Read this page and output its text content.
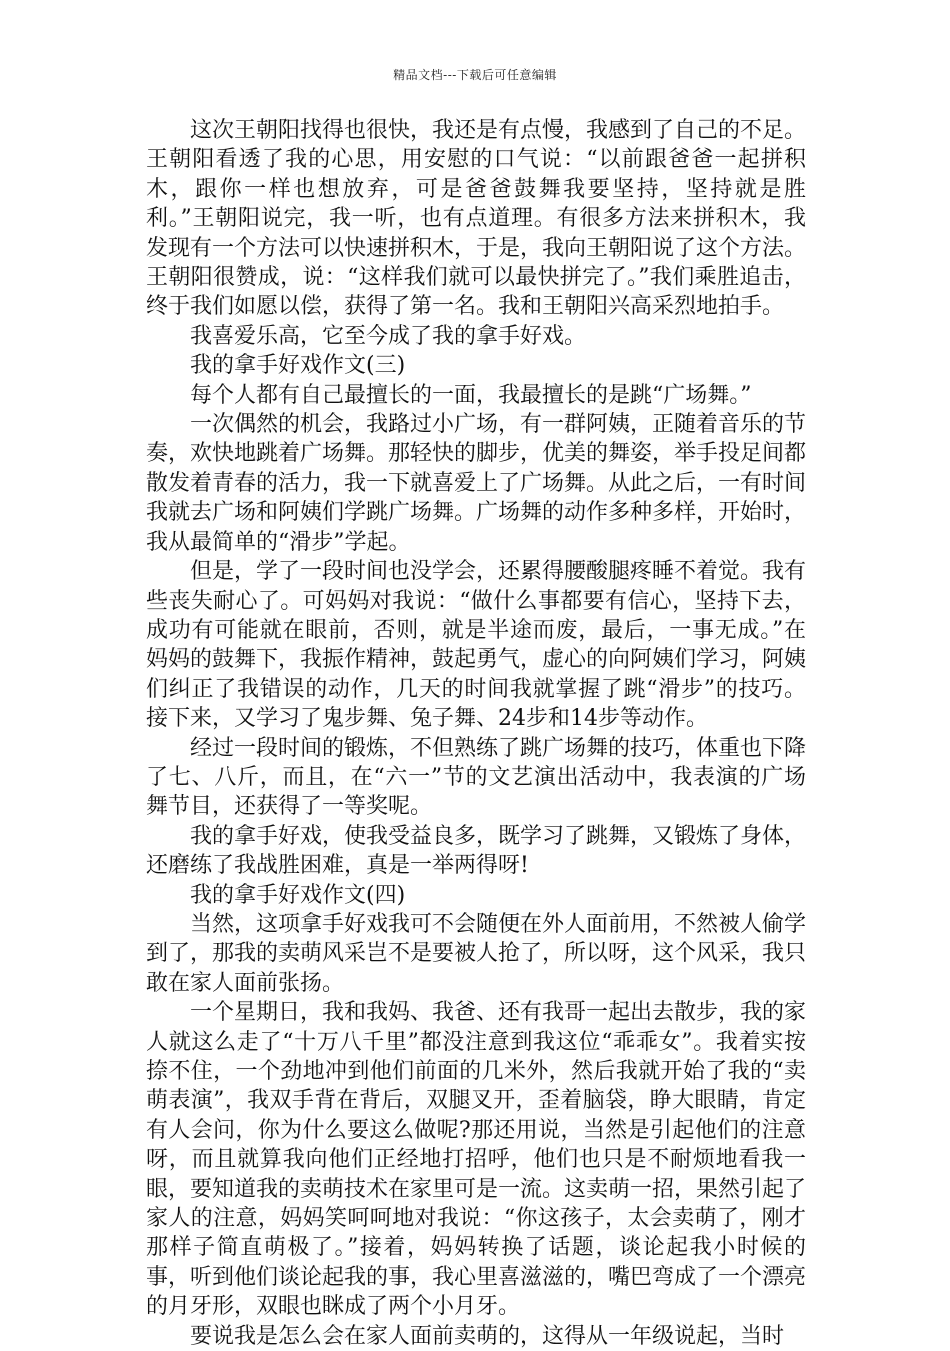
精品文档---下载后可任意编辑

这次王朝阳找得也很快，我还是有点慢，我感到了自己的不足。王朝阳看透了我的心思，用安慰的口气说：“以前跟爸爸一起拼积木，跟你一样也想放弃，可是爸爸鼓舞我要坚持，坚持就是胜利。”王朝阳说完，我一听，也有点道理。有很多方法来拼积木，我发现有一个方法可以快速拼积木，于是，我向王朝阳说了这个方法。王朝阳很赞成，说：“这样我们就可以最快拼完了。”我们乘胜追击，终于我们如愿以偿，获得了第一名。我和王朝阳兴高采烈地拍手。

我喜爱乐高，它至今成了我的拿手好戏。

我的拿手好戏作文(三)

每个人都有自己最擅长的一面，我最擅长的是跳“广场舞。”

一次偶然的机会，我路过小广场，有一群阿姨，正随着音乐的节奏，欢快地跳着广场舞。那轻快的脚步，优美的舞姿，举手投足间都散发着青春的活力，我一下就喜爱上了广场舞。从此之后，一有时间我就去广场和阿姨们学跳广场舞。广场舞的动作多种多样，开始时，我从最简单的“滑步”学起。

但是，学了一段时间也没学会，还累得腰酸腿疼睡不着觉。我有些丧失耐心了。可妈妈对我说：“做什么事都要有信心，坚持下去，成功有可能就在眼前，否则，就是半途而废，最后，一事无成。”在妈妈的鼓舞下，我振作精神，鼓起勇气，虚心的向阿姨们学习，阿姨们纠正了我错误的动作，几天的时间我就掌握了跳“滑步”的技巧。接下来，又学习了鬼步舞、兔子舞、24步和14步等动作。

经过一段时间的锻炼，不但熟练了跳广场舞的技巧，体重也下降了七、八斤，而且，在“六一”节的文艺演出活动中，我表演的广场舞节目，还获得了一等奖呢。

我的拿手好戏，使我受益良多，既学习了跳舞，又锻炼了身体，还磨练了我战胜困难，真是一举两得呀!

我的拿手好戏作文(四)

当然，这项拿手好戏我可不会随便在外人面前用，不然被人偷学到了，那我的卖萌风采岂不是要被人抢了，所以呀，这个风采，我只敢在家人面前张扬。

一个星期日，我和我妈、我爸、还有我哥一起出去散步，我的家人就这么走了“十万八千里”都没注意到我这位“乖乖女”。我着实按捺不住，一个劲地冲到他们前面的几米外，然后我就开始了我的“卖萌表演”，我双手背在背后，双腿叉开，歪着脑袋，睁大眼睛，肯定有人会问，你为什么要这么做呢?那还用说，当然是引起他们的注意呀，而且就算我向他们正经地打招呼，他们也只是不耐烦地看我一眼，要知道我的卖萌技术在家里可是一流。这卖萌一招，果然引起了家人的注意，妈妈笑呵呵地对我说：“你这孩子，太会卖萌了，刚才那样子简直萌极了。”接着，妈妈转换了话题，谈论起我小时候的事，听到他们谈论起我的事，我心里喜滋滋的，嘴巴弯成了一个漂亮的月牙形，双眼也眯成了两个小月牙。

要说我是怎么会在家人面前卖萌的，这得从一年级说起，当时
